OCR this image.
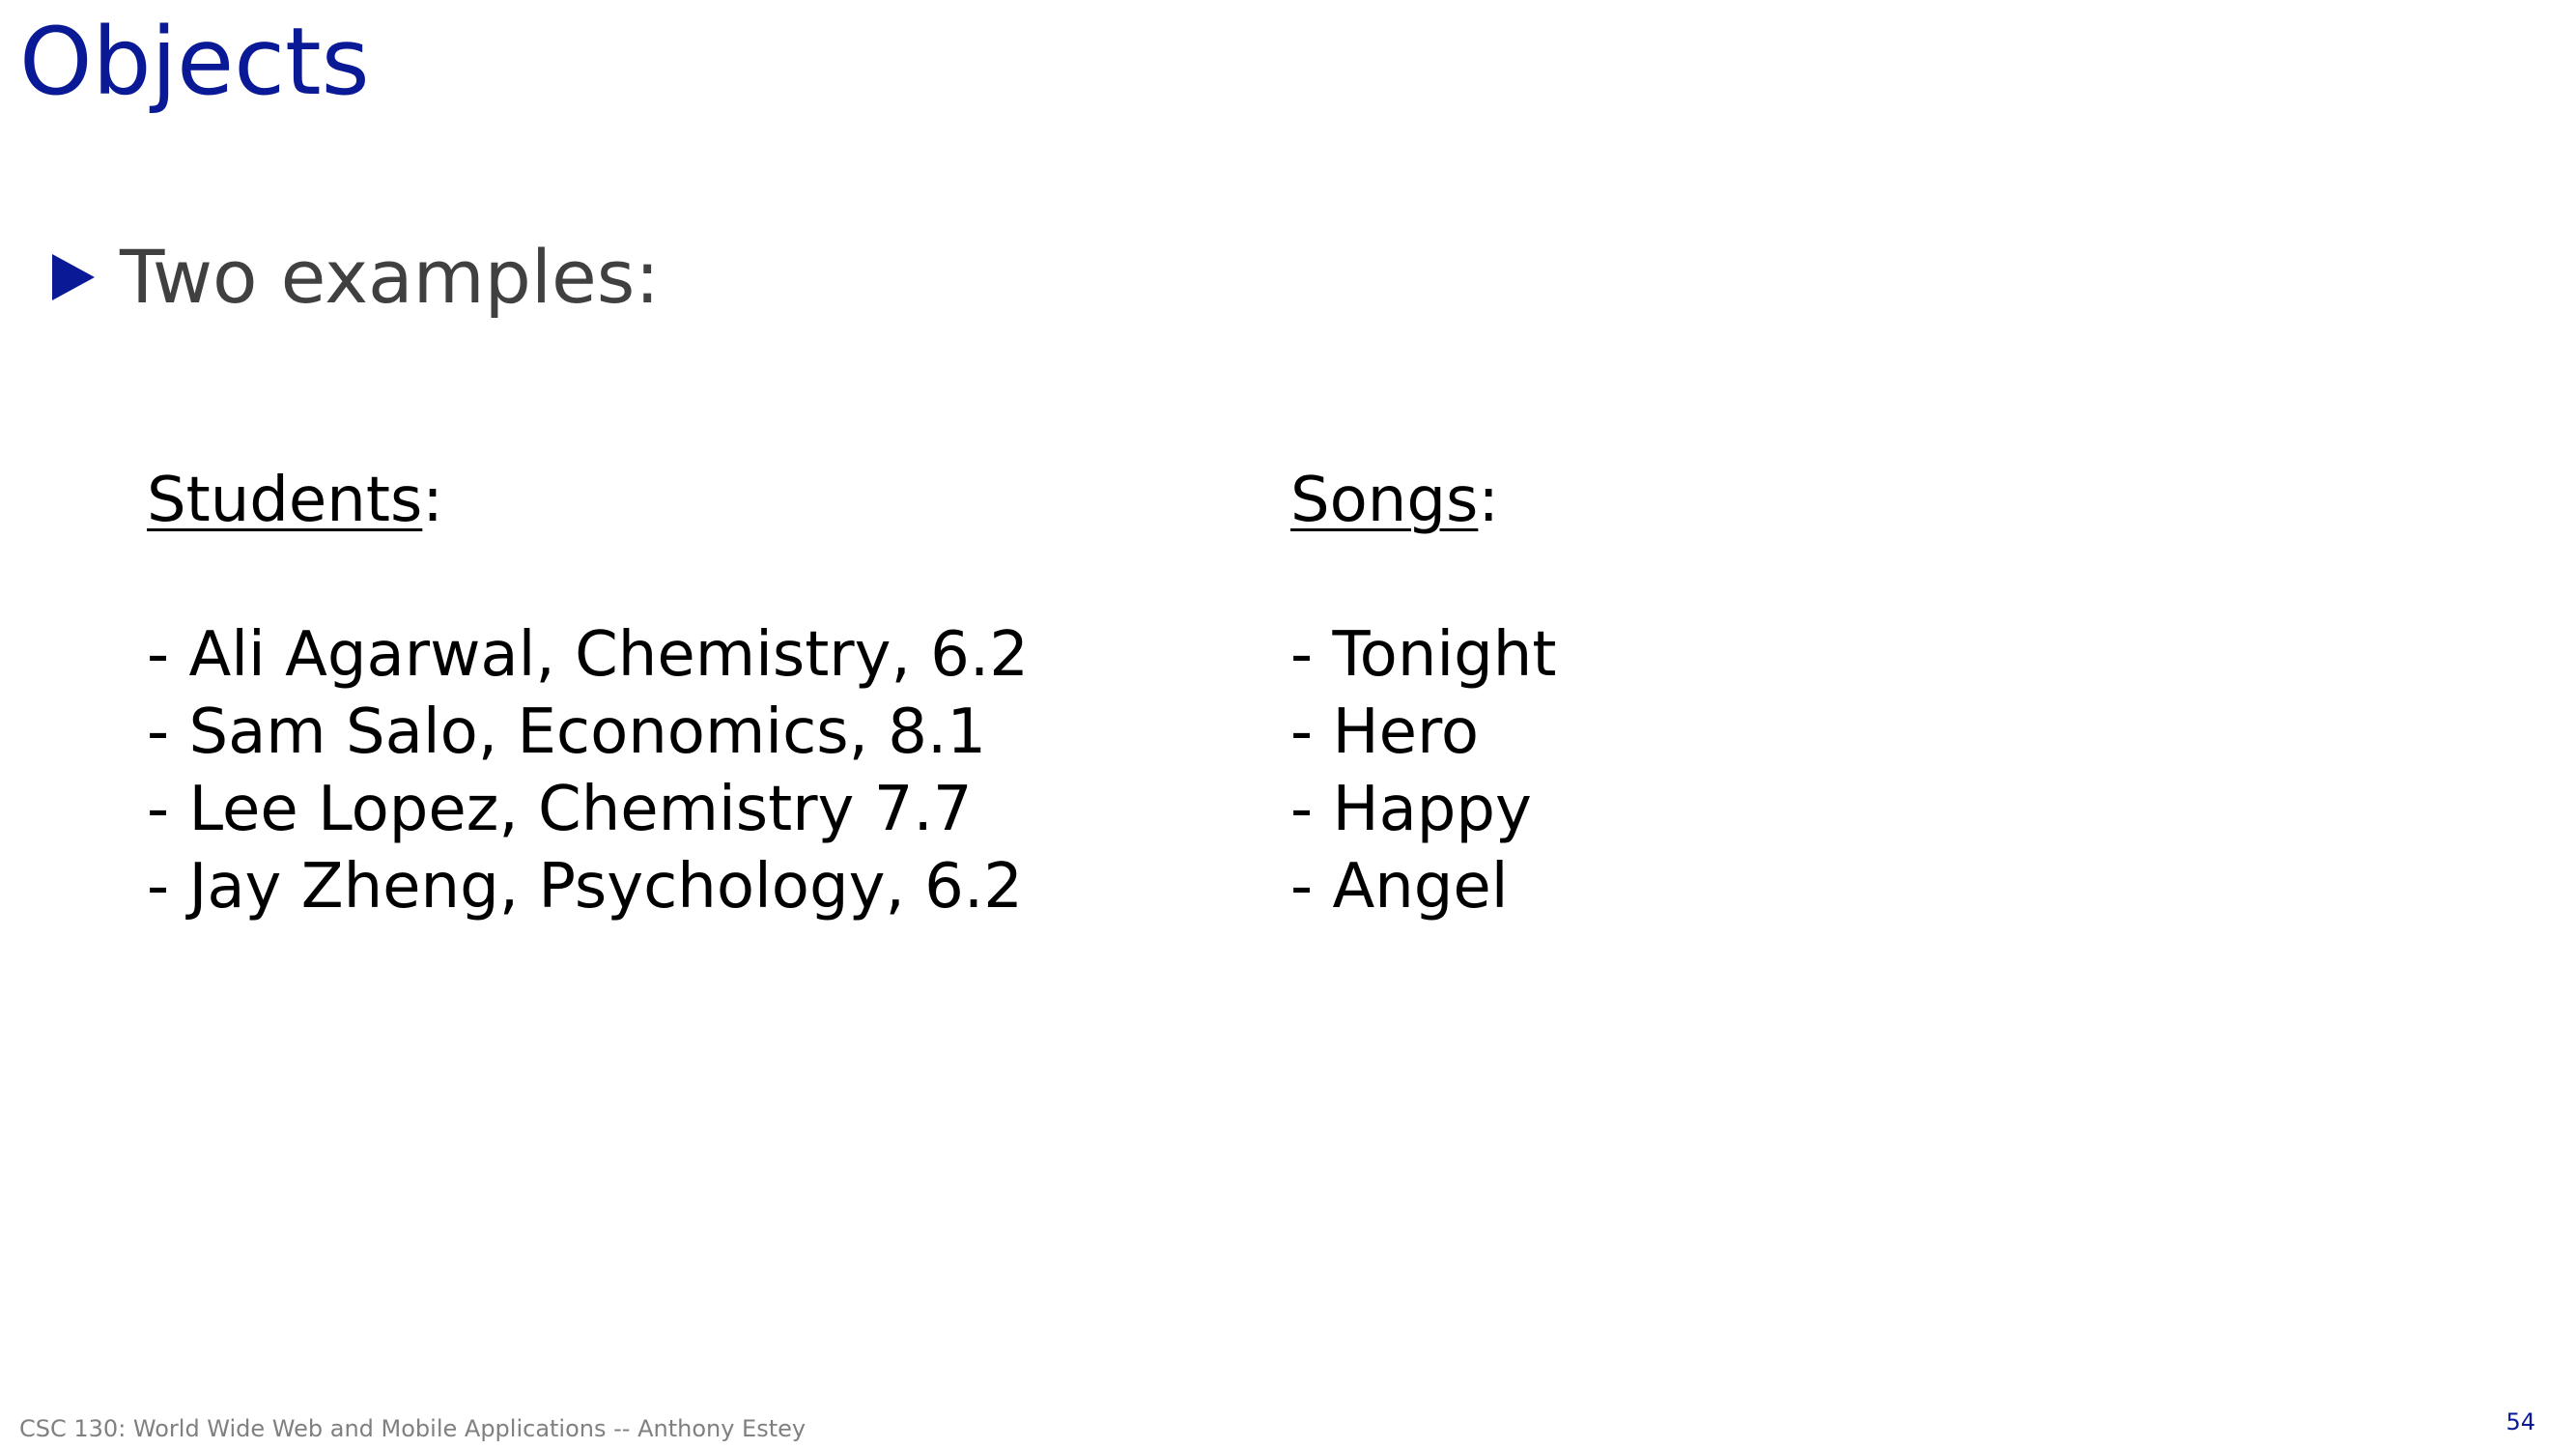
Objects
Two examples:
Students:
- Ali Agarwal, Chemistry, 6.2
- Sam Salo, Economics, 8.1
- Lee Lopez, Chemistry 7.7
- Jay Zheng, Psychology, 6.2
Songs:
- Tonight
- Hero
- Happy
- Angel
CSC 130: World Wide Web and Mobile Applications -- Anthony Estey	54
